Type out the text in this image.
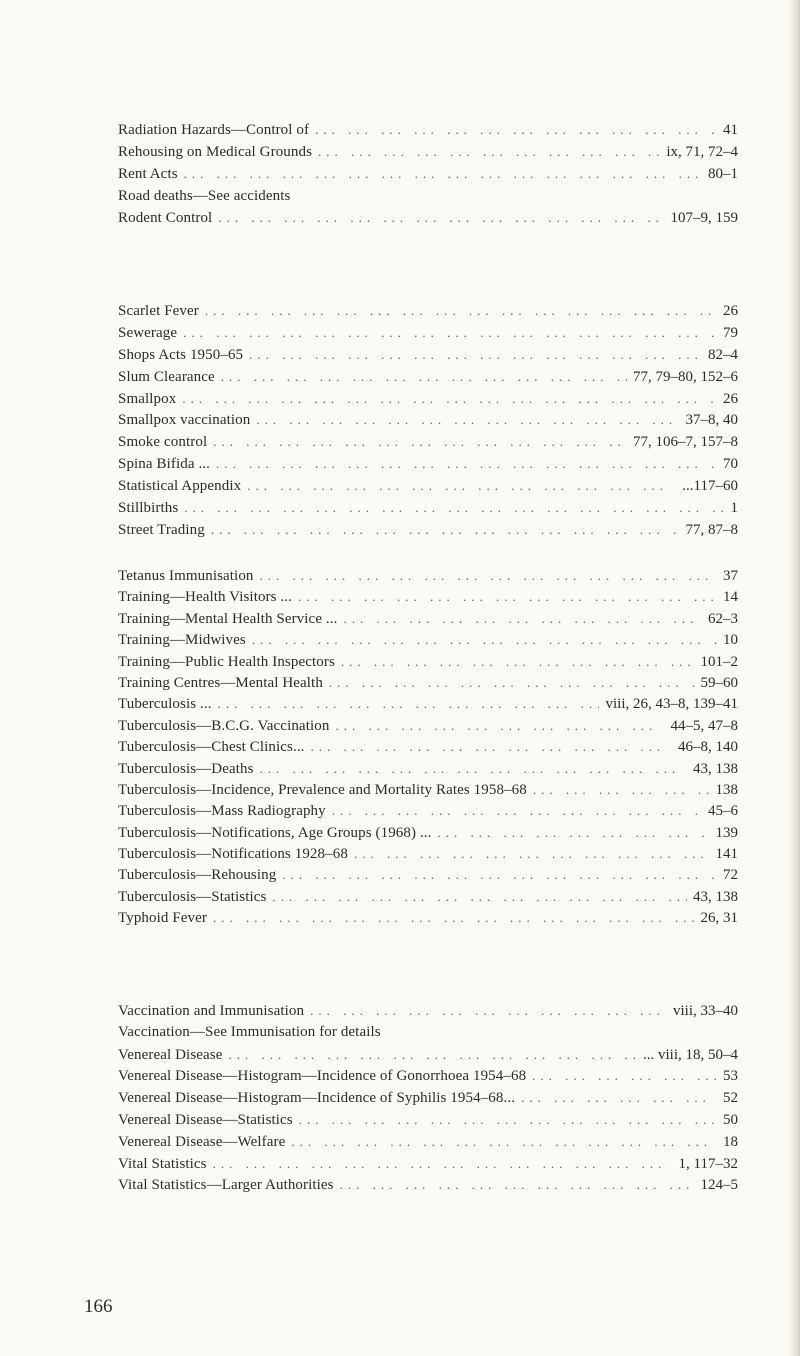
Radiation Hazards—Control of ... .	41
Rehousing on Medical Grounds ... .	ix, 71, 72–4
Rent Acts ... .	80–1
Road deaths—See accidents
Rodent Control ... .	107–9, 159
Scarlet Fever ... .	26
Sewerage ... .	79
Shops Acts 1950–65 ... .	82–4
Slum Clearance ... .	77, 79–80, 152–6
Smallpox ... .	26
Smallpox vaccination ... .	37–8, 40
Smoke control ... .	77, 106–7, 157–8
Spina Bifida ... ... .	70
Statistical Appendix ... .	...117–60
Stillbirths ... .	1
Street Trading ... .	77, 87–8
Tetanus Immunisation ... .	37
Training—Health Visitors ... ... .	14
Training—Mental Health Service ... ... .	62–3
Training—Midwives ... .	10
Training—Public Health Inspectors ... .	101–2
Training Centres—Mental Health ... .	59–60
Tuberculosis ... ... .	viii, 26, 43–8, 139–41
Tuberculosis—B.C.G. Vaccination ... .	44–5, 47–8
Tuberculosis—Chest Clinics... ... .	46–8, 140
Tuberculosis—Deaths ... .	43, 138
Tuberculosis—Incidence, Prevalence and Mortality Rates 1958–68 ... .	138
Tuberculosis—Mass Radiography ... .	45–6
Tuberculosis—Notifications, Age Groups (1968) ... ... .	139
Tuberculosis—Notifications 1928–68 ... .	141
Tuberculosis—Rehousing ... .	72
Tuberculosis—Statistics ... .	43, 138
Typhoid Fever ... .	26, 31
Vaccination and Immunisation ... .	viii, 33–40
Vaccination—See Immunisation for details
Venereal Disease ... .	... viii, 18, 50–4
Venereal Disease—Histogram—Incidence of Gonorrhoea 1954–68 ... .	53
Venereal Disease—Histogram—Incidence of Syphilis 1954–68... ... .	52
Venereal Disease—Statistics ... .	50
Venereal Disease—Welfare ... .	18
Vital Statistics ... .	1, 117–32
Vital Statistics—Larger Authorities ... .	124–5
166
